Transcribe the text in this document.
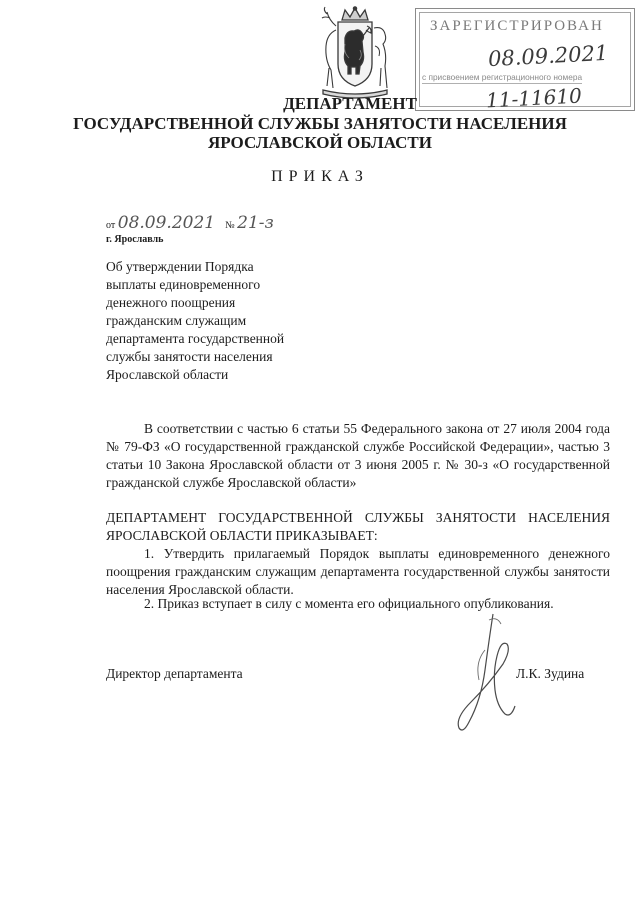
ЗАРЕГИСТРИРОВАН
08.09.2021
с присвоением регистрационного номера
11-11610
ДЕПАРТАМЕНТ
ГОСУДАРСТВЕННОЙ СЛУЖБЫ ЗАНЯТОСТИ НАСЕЛЕНИЯ
ЯРОСЛАВСКОЙ ОБЛАСТИ
ПРИКАЗ
от 08.09.2021 № 21-з
г. Ярославль
Об утверждении Порядка
выплаты единовременного
денежного поощрения
гражданским служащим
департамента государственной
службы занятости населения
Ярославской области
В соответствии с частью 6 статьи 55 Федерального закона от 27 июля 2004 года № 79-ФЗ «О государственной гражданской службе Российской Федерации», частью 3 статьи 10 Закона Ярославской области от 3 июня 2005 г. № 30-з «О государственной гражданской службе Ярославской области»
ДЕПАРТАМЕНТ ГОСУДАРСТВЕННОЙ СЛУЖБЫ ЗАНЯТОСТИ НАСЕЛЕНИЯ ЯРОСЛАВСКОЙ ОБЛАСТИ ПРИКАЗЫВАЕТ:
1. Утвердить прилагаемый Порядок выплаты единовременного денежного поощрения гражданским служащим департамента государственной службы занятости населения Ярославской области.
2. Приказ вступает в силу с момента его официального опубликования.
Директор департамента	Л.К. Зудина
